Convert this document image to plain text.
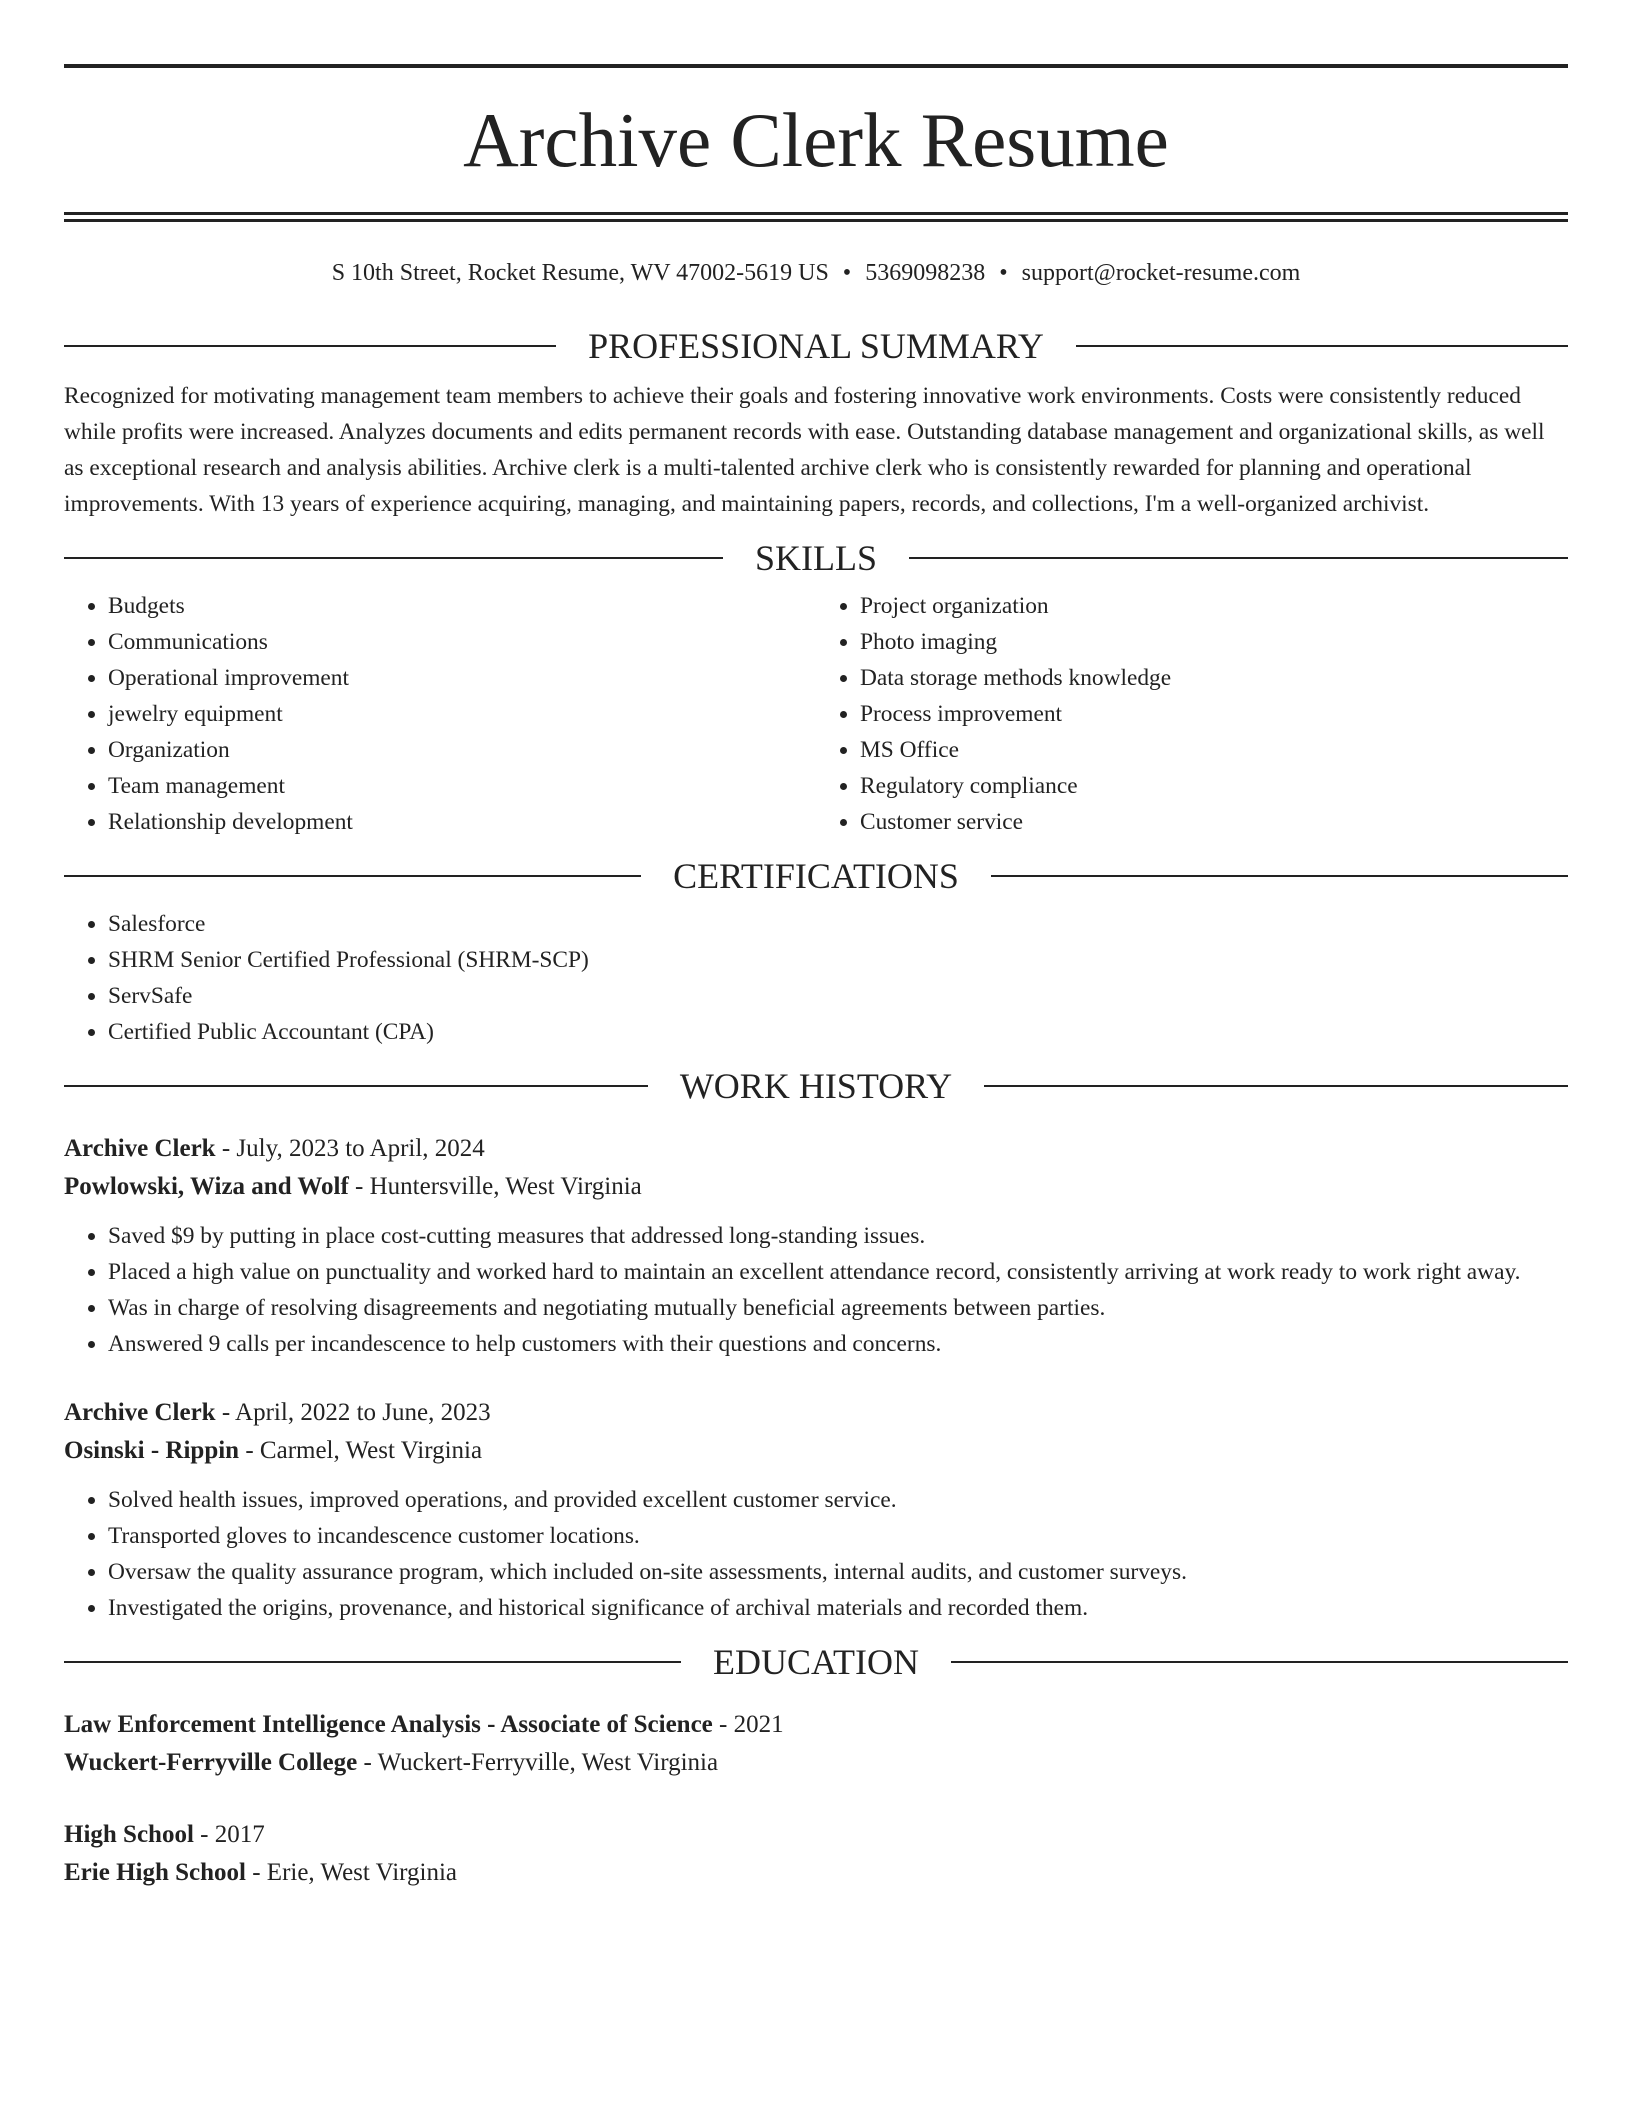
Archive Clerk Resume
S 10th Street, Rocket Resume, WV 47002-5619 US • 5369098238 • support@rocket-resume.com
PROFESSIONAL SUMMARY
Recognized for motivating management team members to achieve their goals and fostering innovative work environments. Costs were consistently reduced while profits were increased. Analyzes documents and edits permanent records with ease. Outstanding database management and organizational skills, as well as exceptional research and analysis abilities. Archive clerk is a multi-talented archive clerk who is consistently rewarded for planning and operational improvements. With 13 years of experience acquiring, managing, and maintaining papers, records, and collections, I'm a well-organized archivist.
SKILLS
• Budgets
• Communications
• Operational improvement
• jewelry equipment
• Organization
• Team management
• Relationship development
• Project organization
• Photo imaging
• Data storage methods knowledge
• Process improvement
• MS Office
• Regulatory compliance
• Customer service
CERTIFICATIONS
• Salesforce
• SHRM Senior Certified Professional (SHRM-SCP)
• ServSafe
• Certified Public Accountant (CPA)
WORK HISTORY
Archive Clerk - July, 2023 to April, 2024
Powlowski, Wiza and Wolf - Huntersville, West Virginia
• Saved $9 by putting in place cost-cutting measures that addressed long-standing issues.
• Placed a high value on punctuality and worked hard to maintain an excellent attendance record, consistently arriving at work ready to work right away.
• Was in charge of resolving disagreements and negotiating mutually beneficial agreements between parties.
• Answered 9 calls per incandescence to help customers with their questions and concerns.
Archive Clerk - April, 2022 to June, 2023
Osinski - Rippin - Carmel, West Virginia
• Solved health issues, improved operations, and provided excellent customer service.
• Transported gloves to incandescence customer locations.
• Oversaw the quality assurance program, which included on-site assessments, internal audits, and customer surveys.
• Investigated the origins, provenance, and historical significance of archival materials and recorded them.
EDUCATION
Law Enforcement Intelligence Analysis - Associate of Science - 2021
Wuckert-Ferryville College - Wuckert-Ferryville, West Virginia
High School - 2017
Erie High School - Erie, West Virginia
